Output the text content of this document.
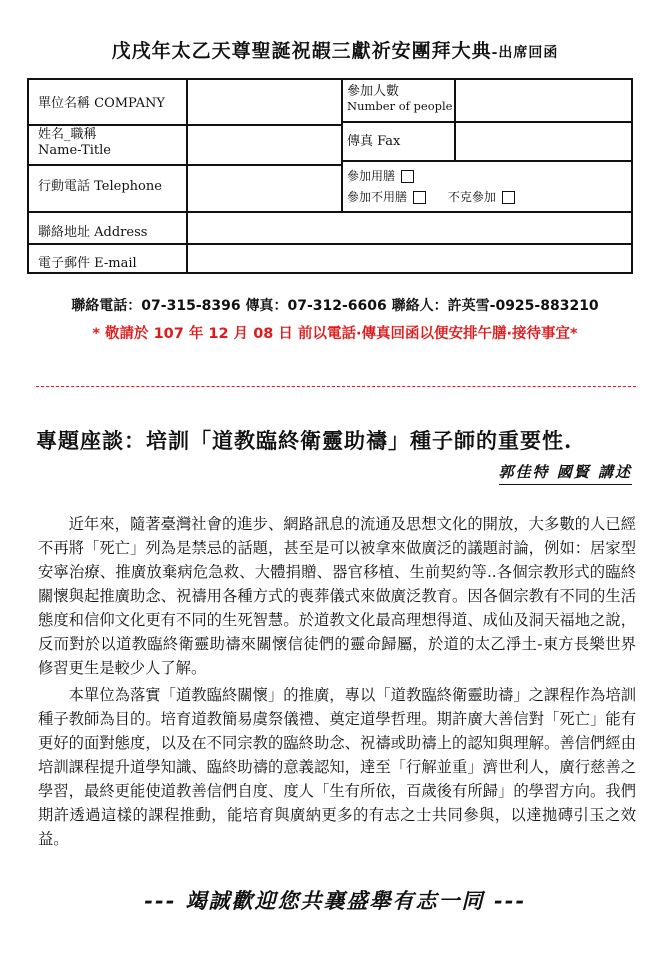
戊戌年太乙天尊聖誕祝嘏三獻祈安團拜大典-出席回函
單位名稱 COMPANY
姓名_職稱
Name-Title
行動電話 Telephone
聯絡地址 Address
電子郵件 E-mail
參加人數
Number of people
傳真 Fax
參加用膳
參加不用膳	不克參加
聯絡電話：07-315-8396 傳真：07-312-6606 聯絡人：許英雪-0925-883210
* 敬請於 107 年 12 月 08 日 前以電話·傳真回函以便安排午膳·接待事宜*
專題座談：培訓「道教臨終衛靈助禱」種子師的重要性.
郭佳特 國賢 講述

近年來，隨著臺灣社會的進步、網路訊息的流通及思想文化的開放，大多數的人已經不再將「死亡」列為是禁忌的話題，甚至是可以被拿來做廣泛的議題討論，例如：居家型安寧治療、推廣放棄病危急救、大體捐贈、器官移植、生前契約等..各個宗教形式的臨終關懷與起推廣助念、祝禱用各種方式的喪葬儀式來做廣泛教育。因各個宗教有不同的生活態度和信仰文化更有不同的生死智慧。於道教文化最高理想得道、成仙及洞天福地之說，反而對於以道教臨終衛靈助禱來關懷信徒們的靈命歸屬，於道的太乙淨土-東方長樂世界修習更生是較少人了解。

本單位為落實「道教臨終關懷」的推廣，專以「道教臨終衛靈助禱」之課程作為培訓種子教師為目的。培育道教簡易虞祭儀禮、奠定道學哲理。期許廣大善信對「死亡」能有更好的面對態度，以及在不同宗教的臨終助念、祝禱或助禱上的認知與理解。善信們經由培訓課程提升道學知識、臨終助禱的意義認知，達至「行解並重」濟世利人，廣行慈善之學習，最終更能使道教善信們自度、度人「生有所依，百歲後有所歸」的學習方向。我們期許透過這樣的課程推動，能培育與廣納更多的有志之士共同參與，以達拋磚引玉之效益。

--- 竭誠歡迎您共襄盛舉有志一同 ---
